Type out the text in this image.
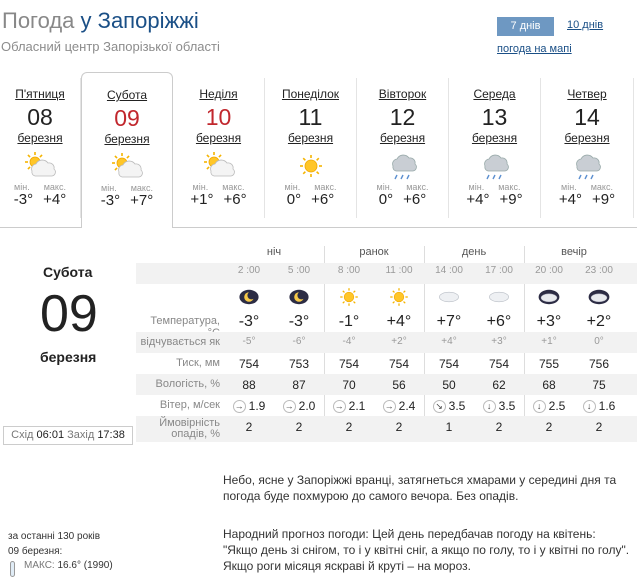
Погода у Запоріжжі
Обласний центр Запорізької області
7 днів	10 днів
погода на мапі
П'ятниця
08
березня
мін. макс.
-3° +4°
Субота
09
березня
мін. макс.
-3° +7°
Неділя
10
березня
мін. макс.
+1° +6°
Понеділок
11
березня
мін. макс.
0° +6°
Вівторок
12
березня
мін. макс.
0° +6°
Середа
13
березня
мін. макс.
+4° +9°
Четвер
14
березня
мін. макс.
+4° +9°
Субота
09
березня
Схід 06:01 Захід 17:38
ніч	ранок	день	вечір
2 :00	5 :00	8 :00	11 :00	14 :00	17 :00	20 :00	23 :00
Температура,	-3°	-3°	-1°	+4°	+7°	+6°	+3°	+2°
відчувається як	-5°	-6°	-4°	+2°	+4°	+3°	+1°	0°
Тиск, мм	754	753	754	754	754	754	755	756
Вологість, %	88	87	70	56	50	62	68	75
Вітер, м/сек	→ 1.9	→ 2.0	→ 2.1	→ 2.4	↘ 3.5	↓ 3.5	↓ 2.5	↓ 1.6
Ймовірність
опадів, %	2	2	2	2	1	2	2	2
Небо, ясне у Запоріжжі вранці, затягнеться хмарами у середині дня та погода буде похмурою до самого вечора. Без опадів.
Народний прогноз погоди: Цей день передбачав погоду на квітень: "Якщо день зі снігом, то і у квітні сніг, а якщо по голу, то і у квітні по голу". Якщо роги місяця яскраві й круті – на мороз.
за останні 130 років
09 березня:
МАКС: 16.6° (1990)
